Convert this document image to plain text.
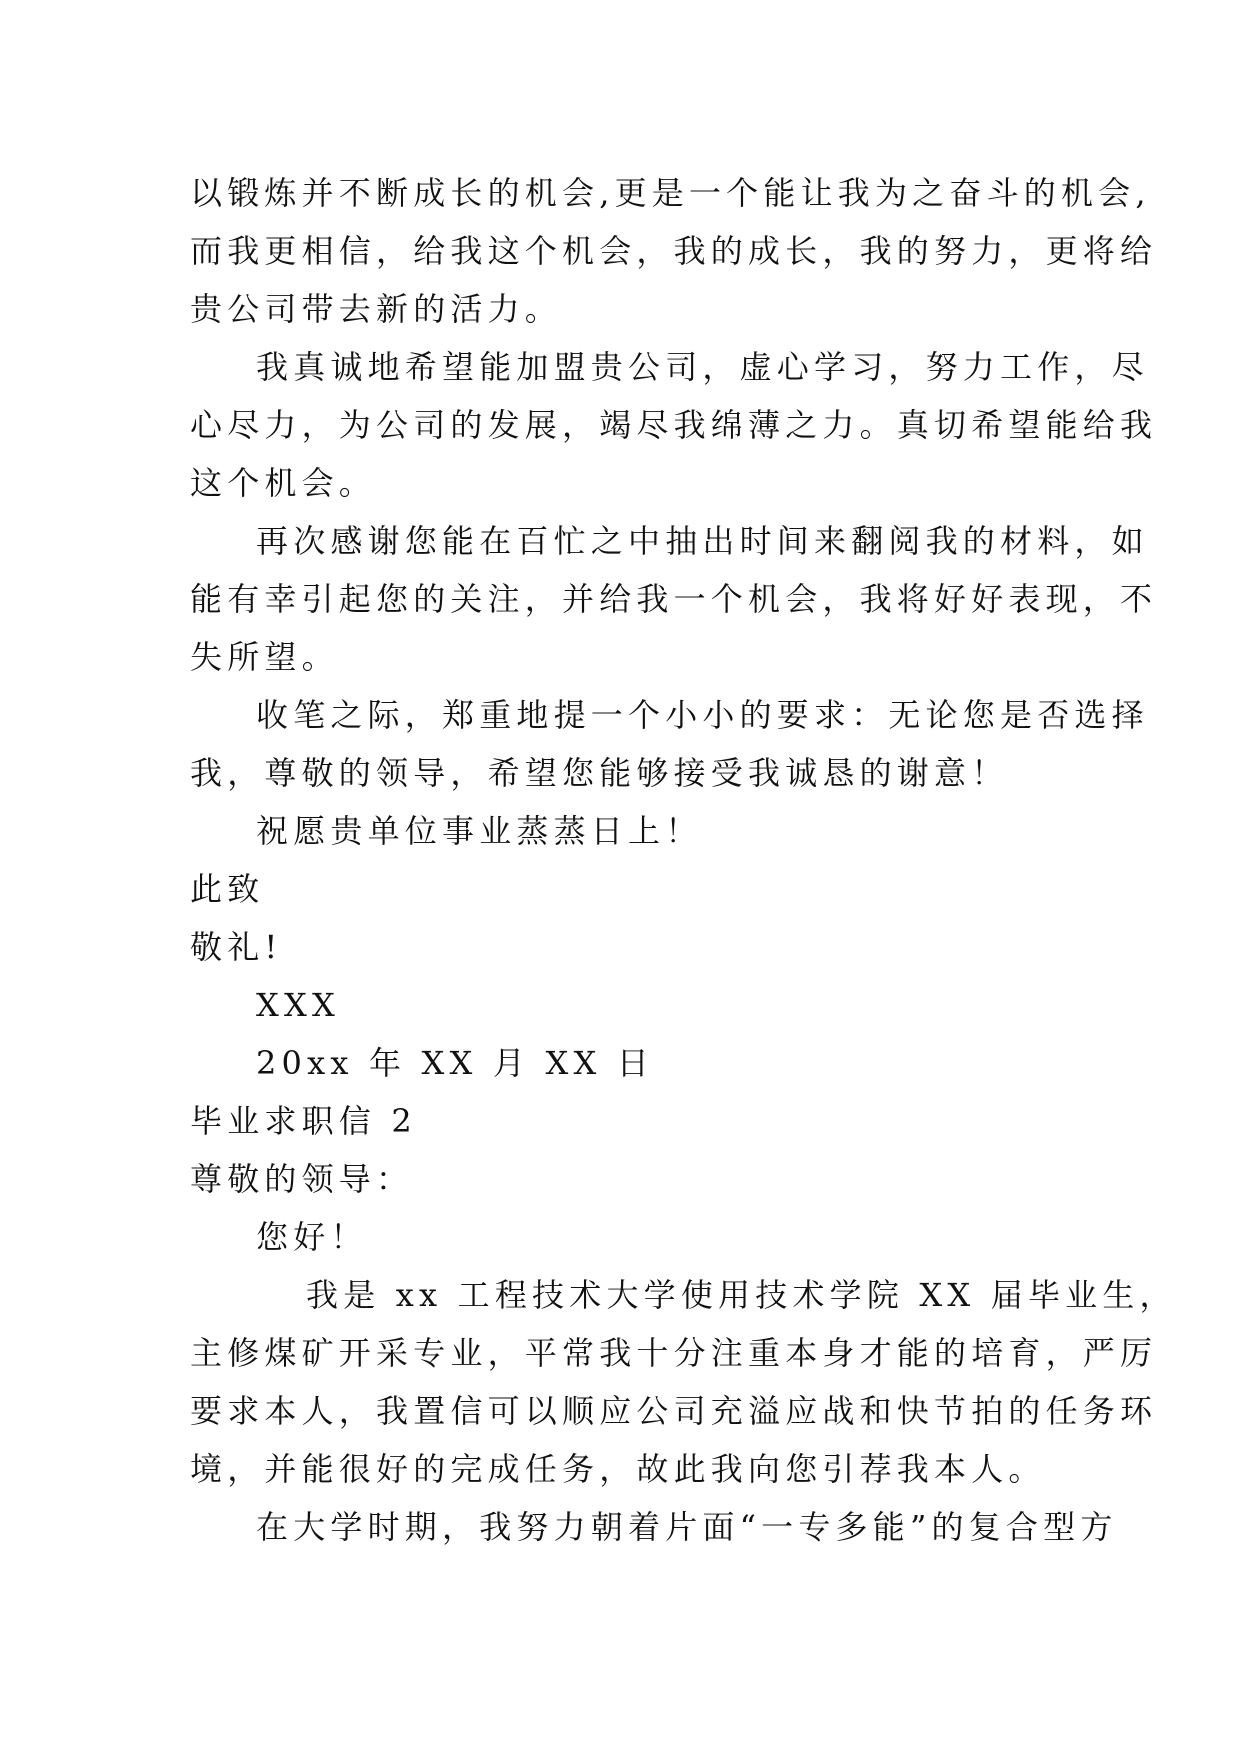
以锻炼并不断成长的机会,更是一个能让我为之奋斗的机会,

而我更相信，给我这个机会，我的成长，我的努力，更将给

贵公司带去新的活力。

我真诚地希望能加盟贵公司，虚心学习，努力工作，尽

心尽力，为公司的发展，竭尽我绵薄之力。真切希望能给我

这个机会。

再次感谢您能在百忙之中抽出时间来翻阅我的材料，如

能有幸引起您的关注，并给我一个机会，我将好好表现，不

失所望。

收笔之际，郑重地提一个小小的要求：无论您是否选择

我，尊敬的领导，希望您能够接受我诚恳的谢意！

祝愿贵单位事业蒸蒸日上！

此致

敬礼!

XXX

20xx 年 XX 月 XX 日

毕业求职信 2

尊敬的领导：

您好！

我是 xx 工程技术大学使用技术学院 XX 届毕业生，

主修煤矿开采专业，平常我十分注重本身才能的培育，严厉

要求本人，我置信可以顺应公司充溢应战和快节拍的任务环

境，并能很好的完成任务，故此我向您引荐我本人。

在大学时期，我努力朝着片面“一专多能”的复合型方
